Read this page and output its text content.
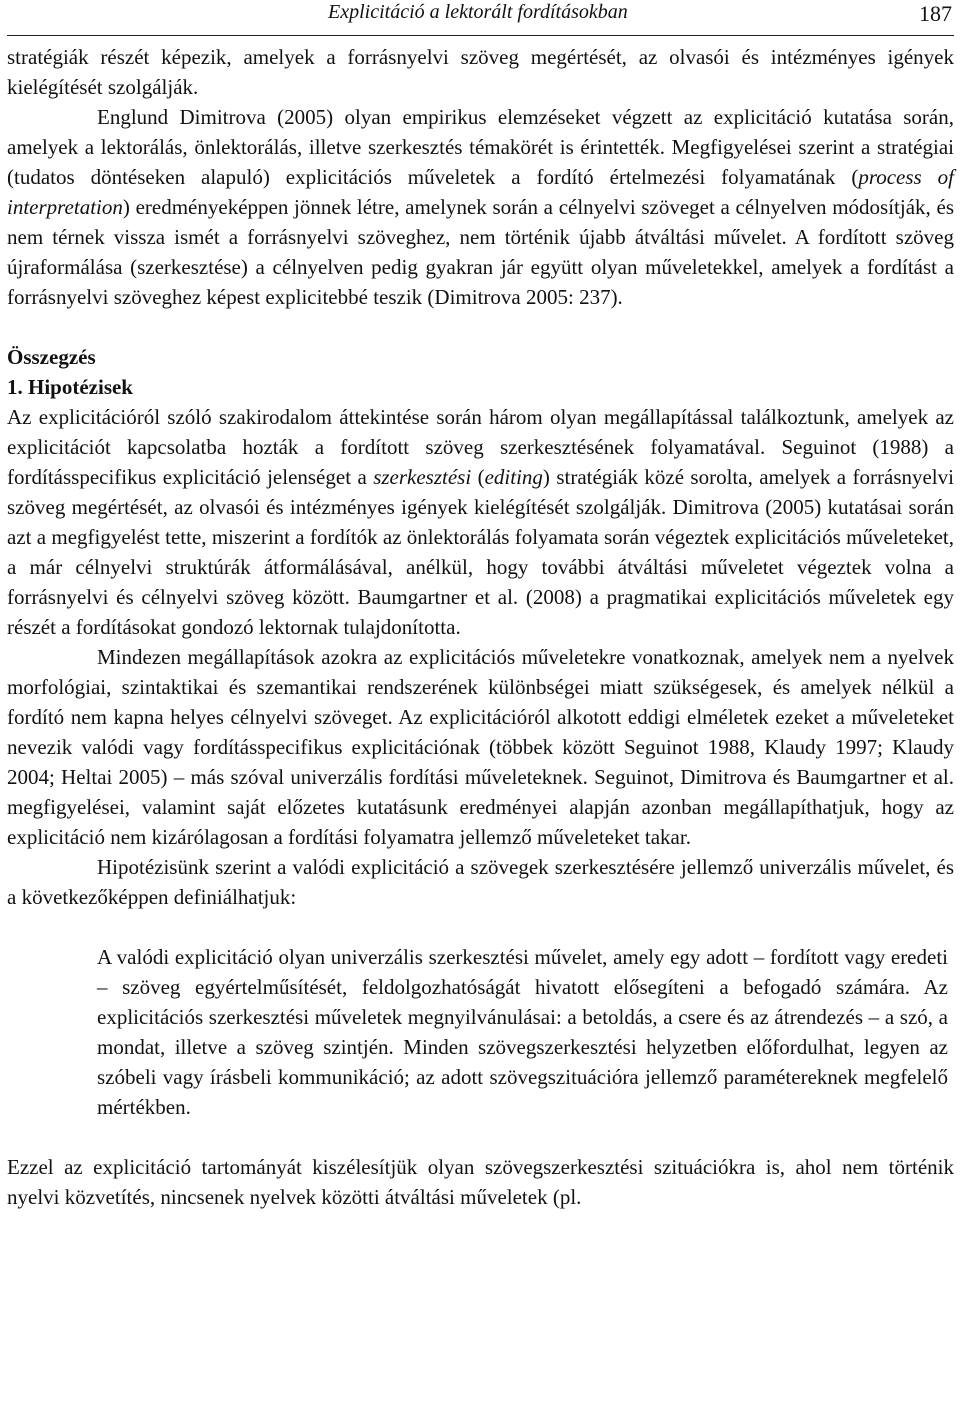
Explicitáció a lektorált fordításokban	187

stratégiák részét képezik, amelyek a forrásnyelvi szöveg megértését, az olvasói és intézményes igények kielégítését szolgálják.

Englund Dimitrova (2005) olyan empirikus elemzéseket végzett az explicitáció kutatása során, amelyek a lektorálás, önlektorálás, illetve szerkesztés témakörét is érintették. Megfigyelései szerint a stratégiai (tudatos döntéseken alapuló) explicitációs műveletek a fordító értelmezési folyamatának (process of interpretation) eredményeképpen jönnek létre, amelynek során a célnyelvi szöveget a célnyelven módosítják, és nem térnek vissza ismét a forrásnyelvi szöveghez, nem történik újabb átváltási művelet. A fordított szöveg újraformálása (szerkesztése) a célnyelven pedig gyakran jár együtt olyan műveletekkel, amelyek a fordítást a forrásnyelvi szöveghez képest explicitebbé teszik (Dimitrova 2005: 237).

Összegzés
1. Hipotézisek

Az explicitációról szóló szakirodalom áttekintése során három olyan megállapítással találkoztunk, amelyek az explicitációt kapcsolatba hozták a fordított szöveg szerkesztésének folyamatával. Seguinot (1988) a fordításspecifikus explicitáció jelenséget a szerkesztési (editing) stratégiák közé sorolta, amelyek a forrásnyelvi szöveg megértését, az olvasói és intézményes igények kielégítését szolgálják. Dimitrova (2005) kutatásai során azt a megfigyelést tette, miszerint a fordítók az önlektorálás folyamata során végeztek explicitációs műveleteket, a már célnyelvi struktúrák átformálásával, anélkül, hogy további átváltási műveletet végeztek volna a forrásnyelvi és célnyelvi szöveg között. Baumgartner et al. (2008) a pragmatikai explicitációs műveletek egy részét a fordításokat gondozó lektornak tulajdonította.

Mindezen megállapítások azokra az explicitációs műveletekre vonatkoznak, amelyek nem a nyelvek morfológiai, szintaktikai és szemantikai rendszerének különbségei miatt szükségesek, és amelyek nélkül a fordító nem kapna helyes célnyelvi szöveget. Az explicitációról alkotott eddigi elméletek ezeket a műveleteket nevezik valódi vagy fordításspecifikus explicitációnak (többek között Seguinot 1988, Klaudy 1997; Klaudy 2004; Heltai 2005) ‒ más szóval univerzális fordítási műveleteknek. Seguinot, Dimitrova és Baumgartner et al. megfigyelései, valamint saját előzetes kutatásunk eredményei alapján azonban megállapíthatjuk, hogy az explicitáció nem kizárólagosan a fordítási folyamatra jellemző műveleteket takar.

Hipotézisünk szerint a valódi explicitáció a szövegek szerkesztésére jellemző univerzális művelet, és a következőképpen definiálhatjuk:

A valódi explicitáció olyan univerzális szerkesztési művelet, amely egy adott ‒ fordított vagy eredeti ‒ szöveg egyértelműsítését, feldolgozhatóságát hivatott elősegíteni a befogadó számára. Az explicitációs szerkesztési műveletek megnyilvánulásai: a betoldás, a csere és az átrendezés ‒ a szó, a mondat, illetve a szöveg szintjén. Minden szövegszerkesztési helyzetben előfordulhat, legyen az szóbeli vagy írásbeli kommunikáció; az adott szövegszituációra jellemző paramétereknek megfelelő mértékben.

Ezzel az explicitáció tartományát kiszélesítjük olyan szövegszerkesztési szituációkra is, ahol nem történik nyelvi közvetítés, nincsenek nyelvek közötti átváltási műveletek (pl.
